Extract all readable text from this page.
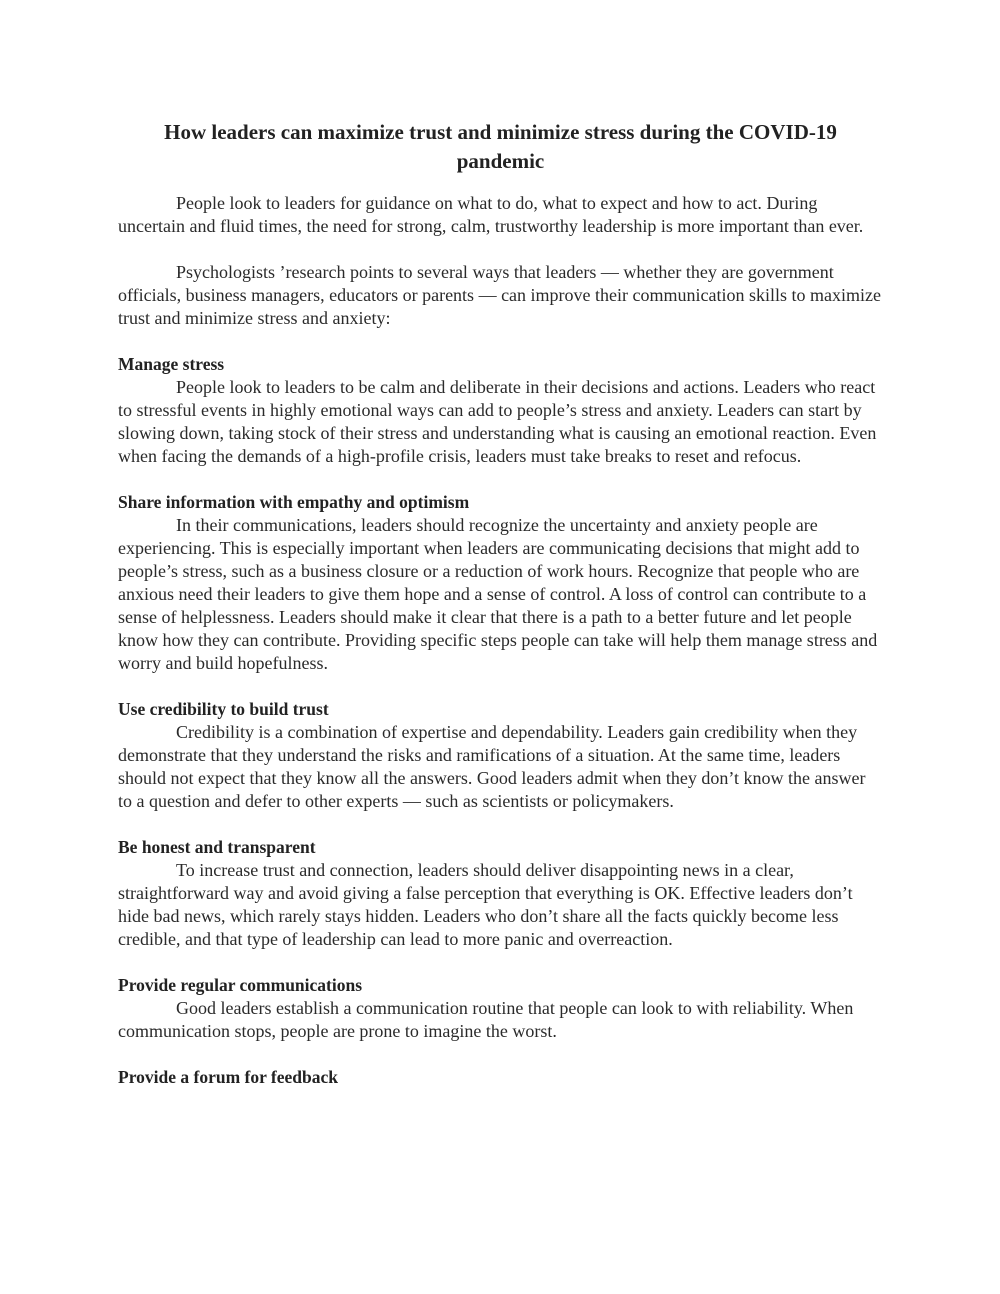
How leaders can maximize trust and minimize stress during the COVID-19 pandemic

People look to leaders for guidance on what to do, what to expect and how to act. During uncertain and fluid times, the need for strong, calm, trustworthy leadership is more important than ever.

Psychologists ’research points to several ways that leaders — whether they are government officials, business managers, educators or parents — can improve their communication skills to maximize trust and minimize stress and anxiety:

Manage stress

People look to leaders to be calm and deliberate in their decisions and actions. Leaders who react to stressful events in highly emotional ways can add to people’s stress and anxiety. Leaders can start by slowing down, taking stock of their stress and understanding what is causing an emotional reaction. Even when facing the demands of a high-profile crisis, leaders must take breaks to reset and refocus.

Share information with empathy and optimism

In their communications, leaders should recognize the uncertainty and anxiety people are experiencing. This is especially important when leaders are communicating decisions that might add to people’s stress, such as a business closure or a reduction of work hours. Recognize that people who are anxious need their leaders to give them hope and a sense of control. A loss of control can contribute to a sense of helplessness. Leaders should make it clear that there is a path to a better future and let people know how they can contribute. Providing specific steps people can take will help them manage stress and worry and build hopefulness.

Use credibility to build trust

Credibility is a combination of expertise and dependability. Leaders gain credibility when they demonstrate that they understand the risks and ramifications of a situation. At the same time, leaders should not expect that they know all the answers. Good leaders admit when they don’t know the answer to a question and defer to other experts — such as scientists or policymakers.

Be honest and transparent

To increase trust and connection, leaders should deliver disappointing news in a clear, straightforward way and avoid giving a false perception that everything is OK. Effective leaders don’t hide bad news, which rarely stays hidden. Leaders who don’t share all the facts quickly become less credible, and that type of leadership can lead to more panic and overreaction.

Provide regular communications

Good leaders establish a communication routine that people can look to with reliability. When communication stops, people are prone to imagine the worst.

Provide a forum for feedback
